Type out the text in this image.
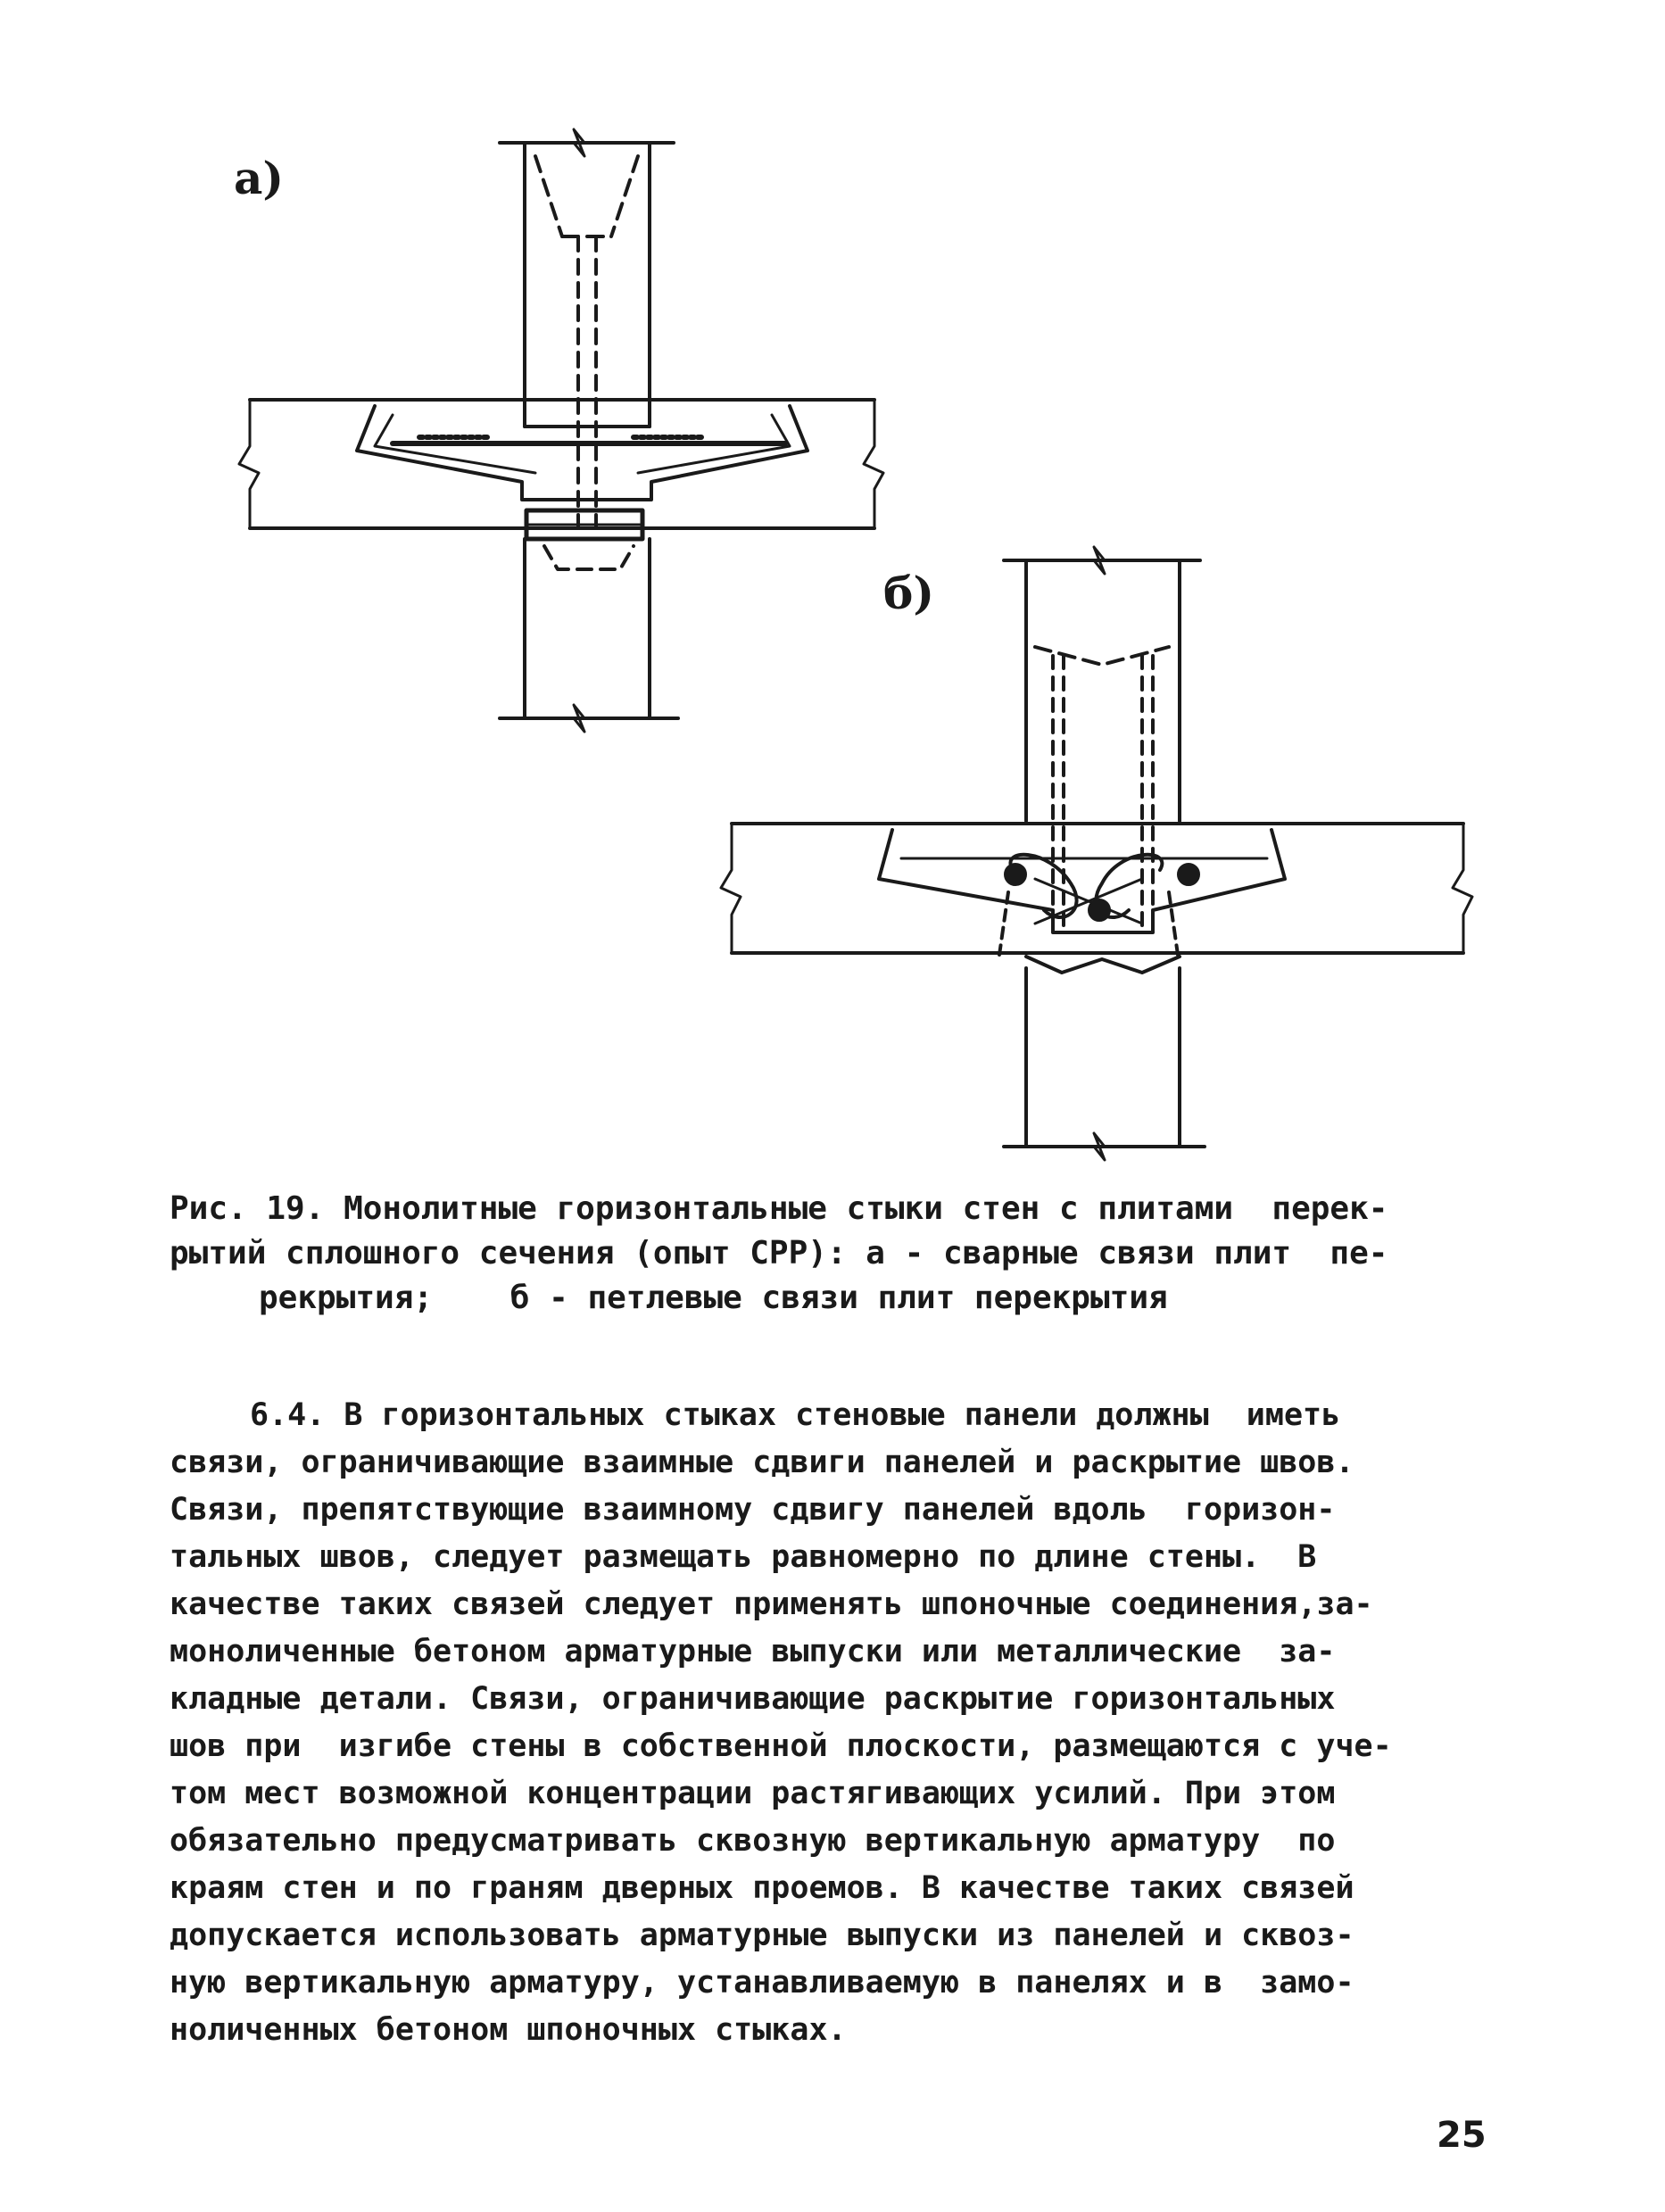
а)
б)
Рис. 19. Монолитные горизонтальные стыки стен с плитами  перек-
рытий сплошного сечения (опыт СРР): а - сварные связи плит  пе-
рекрытия;    б - петлевые связи плит перекрытия
6.4. В горизонтальных стыках стеновые панели должны  иметь
связи, ограничивающие взаимные сдвиги панелей и раскрытие швов.
Связи, препятствующие взаимному сдвигу панелей вдоль  горизон-
тальных швов, следует размещать равномерно по длине стены.  В
качестве таких связей следует применять шпоночные соединения,за-
моноличенные бетоном арматурные выпуски или металлические  за-
кладные детали. Связи, ограничивающие раскрытие горизонтальных
шов при  изгибе стены в собственной плоскости, размещаются с уче-
том мест возможной концентрации растягивающих усилий. При этом
обязательно предусматривать сквозную вертикальную арматуру  по
краям стен и по граням дверных проемов. В качестве таких связей
допускается использовать арматурные выпуски из панелей и сквоз-
ную вертикальную арматуру, устанавливаемую в панелях и в  замо-
ноличенных бетоном шпоночных стыках.
25
